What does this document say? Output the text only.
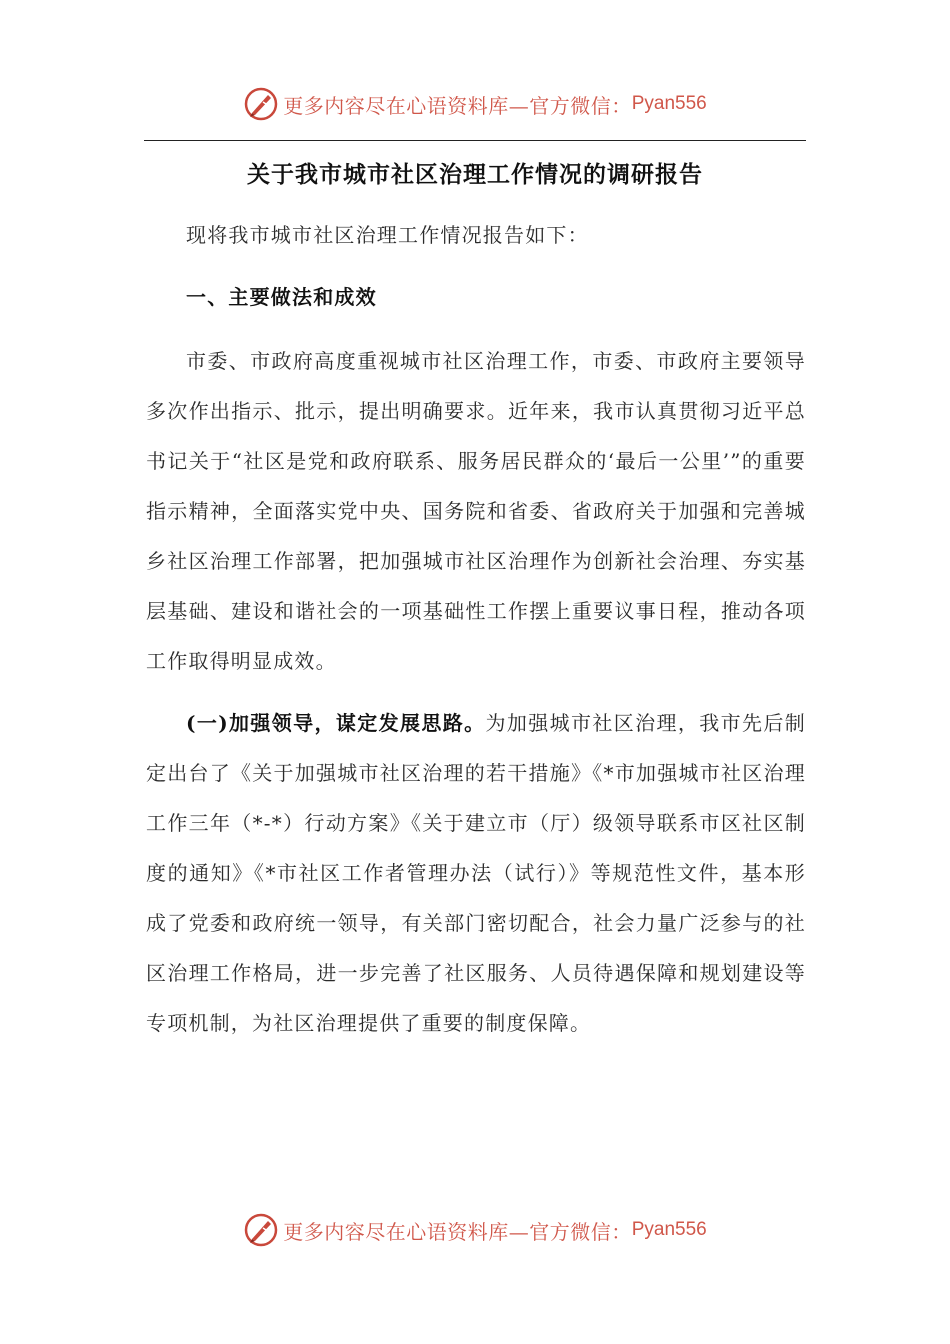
更多内容尽在心语资料库—官方微信： Pyan556
关于我市城市社区治理工作情况的调研报告
现将我市城市社区治理工作情况报告如下：
一、主要做法和成效
市委、市政府高度重视城市社区治理工作，市委、市政府主要领导多次作出指示、批示，提出明确要求。近年来，我市认真贯彻习近平总书记关于“社区是党和政府联系、服务居民群众的‘最后一公里’”的重要指示精神，全面落实党中央、国务院和省委、省政府关于加强和完善城乡社区治理工作部署，把加强城市社区治理作为创新社会治理、夯实基层基础、建设和谐社会的一项基础性工作摆上重要议事日程，推动各项工作取得明显成效。
(一)加强领导，谋定发展思路。为加强城市社区治理，我市先后制定出台了《关于加强城市社区治理的若干措施》《*市加强城市社区治理工作三年（*-*）行动方案》《关于建立市（厅）级领导联系市区社区制度的通知》《*市社区工作者管理办法（试行）》等规范性文件，基本形成了党委和政府统一领导，有关部门密切配合，社会力量广泛参与的社区治理工作格局，进一步完善了社区服务、人员待遇保障和规划建设等专项机制，为社区治理提供了重要的制度保障。
更多内容尽在心语资料库—官方微信： Pyan556
